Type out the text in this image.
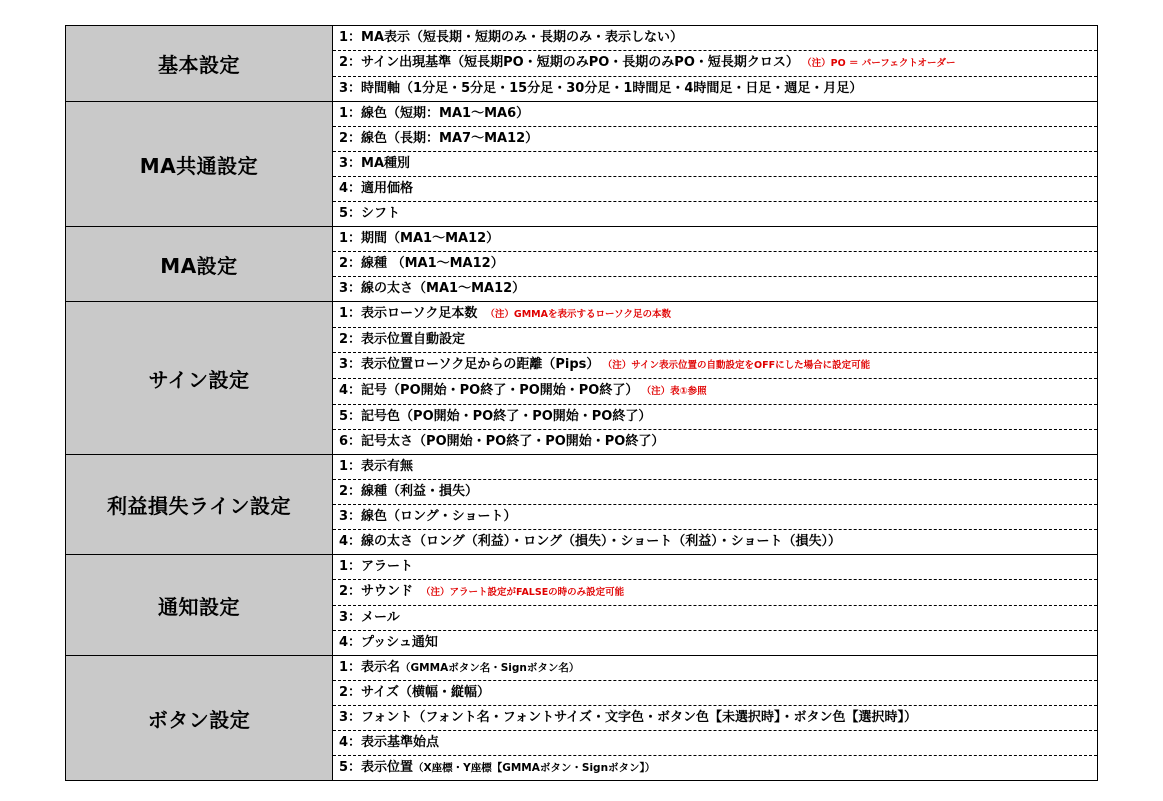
基本設定	1：MA表示（短長期・短期のみ・長期のみ・表示しない）
	2：サイン出現基準（短長期PO・短期のみPO・長期のみPO・短長期クロス） （注）PO ＝ パーフェクトオーダー
	3：時間軸（1分足・5分足・15分足・30分足・1時間足・4時間足・日足・週足・月足）
MA共通設定	1：線色（短期：MA1～MA6）
	2：線色（長期：MA7～MA12）
	3：MA種別
	4：適用価格
	5：シフト
MA設定	1：期間（MA1～MA12）
	2：線種 （MA1～MA12）
	3：線の太さ（MA1～MA12）
サイン設定	1：表示ローソク足本数 （注）GMMAを表示するローソク足の本数
	2：表示位置自動設定
	3：表示位置ローソク足からの距離（Pips） （注）サイン表示位置の自動設定をOFFにした場合に設定可能
	4：記号（PO開始・PO終了・PO開始・PO終了） （注）表①参照
	5：記号色（PO開始・PO終了・PO開始・PO終了）
	6：記号太さ（PO開始・PO終了・PO開始・PO終了）
利益損失ライン設定	1：表示有無
	2：線種（利益・損失）
	3：線色（ロング・ショート）
	4：線の太さ（ロング（利益）・ロング（損失）・ショート（利益）・ショート（損失））
通知設定	1：アラート
	2：サウンド （注）アラート設定がFALSEの時のみ設定可能
	3：メール
	4：プッシュ通知
ボタン設定	1：表示名（GMMAボタン名・Signボタン名）
	2：サイズ（横幅・縦幅）
	3：フォント（フォント名・フォントサイズ・文字色・ボタン色【未選択時】・ボタン色【選択時】）
	4：表示基準始点
	5：表示位置（X座標・Y座標【GMMAボタン・Signボタン】）
